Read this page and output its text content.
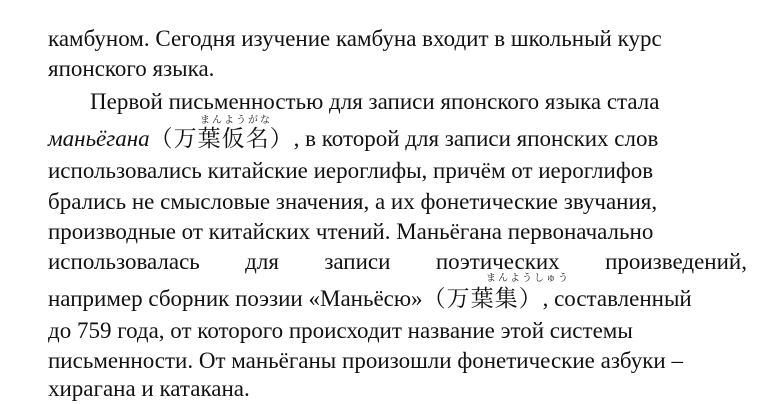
камбуном. Сегодня изучение камбуна входит в школьный курс
японского языка.
Первой письменностью для записи японского языка стала
まんようがな
маньёгана（万葉仮名）, в которой для записи японских слов
использовались китайские иероглифы, причём от иероглифов
брались не смысловые значения, а их фонетические звучания,
производные от китайских чтений. Маньёгана первоначально
использовалась для записи поэтических произведений,
まんようしゅう
например сборник поэзии «Маньёсю»（万葉集）, составленный
до 759 года, от которого происходит название этой системы
письменности. От маньёганы произошли фонетические азбуки –
хирагана и катакана.
